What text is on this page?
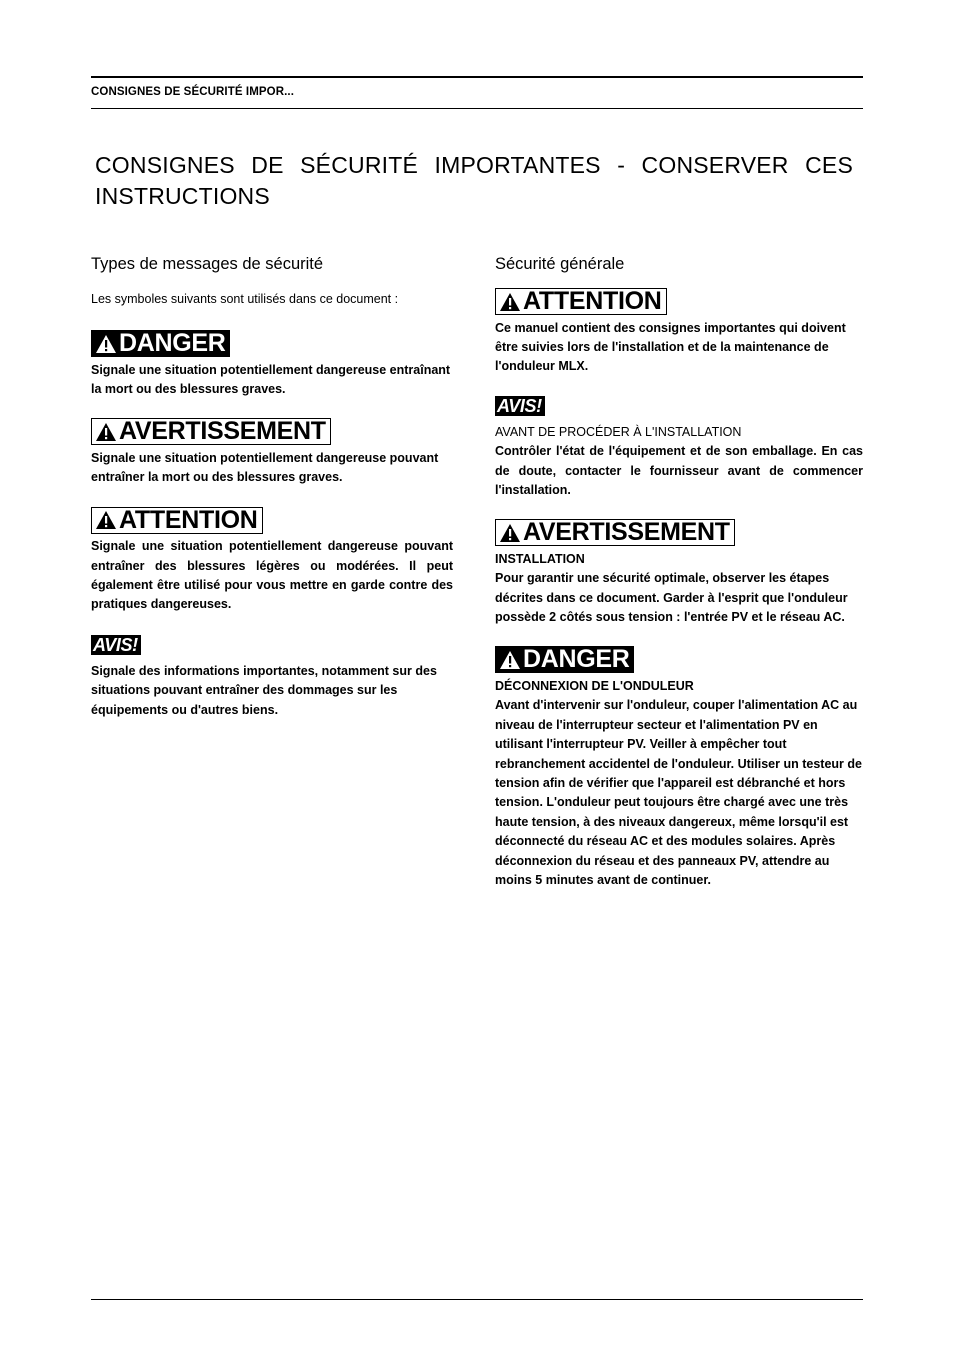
CONSIGNES DE SÉCURITÉ IMPOR...
CONSIGNES DE SÉCURITÉ IMPORTANTES - CONSERVER CES INSTRUCTIONS
Types de messages de sécurité

Les symboles suivants sont utilisés dans ce document :

DANGER

Signale une situation potentiellement dangereuse entraînant la mort ou des blessures graves.

AVERTISSEMENT

Signale une situation potentiellement dangereuse pouvant entraîner la mort ou des blessures graves.

ATTENTION

Signale une situation potentiellement dangereuse pouvant entraîner des blessures légères ou modérées. Il peut également être utilisé pour vous mettre en garde contre des pratiques dangereuses.

AVIS!

Signale des informations importantes, notamment sur des situations pouvant entraîner des dommages sur les équipements ou d'autres biens.

Sécurité générale
ATTENTION

Ce manuel contient des consignes importantes qui doivent être suivies lors de l'installation et de la maintenance de l'onduleur MLX.

AVIS!

AVANT DE PROCÉDER À L'INSTALLATION

Contrôler l'état de l'équipement et de son emballage. En cas de doute, contacter le fournisseur avant de commencer l'installation.

AVERTISSEMENT

INSTALLATION

Pour garantir une sécurité optimale, observer les étapes décrites dans ce document. Garder à l'esprit que l'onduleur possède 2 côtés sous tension : l'entrée PV et le réseau AC.

DANGER

DÉCONNEXION DE L'ONDULEUR

Avant d'intervenir sur l'onduleur, couper l'alimentation AC au niveau de l'interrupteur secteur et l'alimentation PV en utilisant l'interrupteur PV. Veiller à empêcher tout rebranchement accidentel de l'onduleur. Utiliser un testeur de tension afin de vérifier que l'appareil est débranché et hors tension. L'onduleur peut toujours être chargé avec une très haute tension, à des niveaux dangereux, même lorsqu'il est déconnecté du réseau AC et des modules solaires. Après déconnexion du réseau et des panneaux PV, attendre au moins 5 minutes avant de continuer.
